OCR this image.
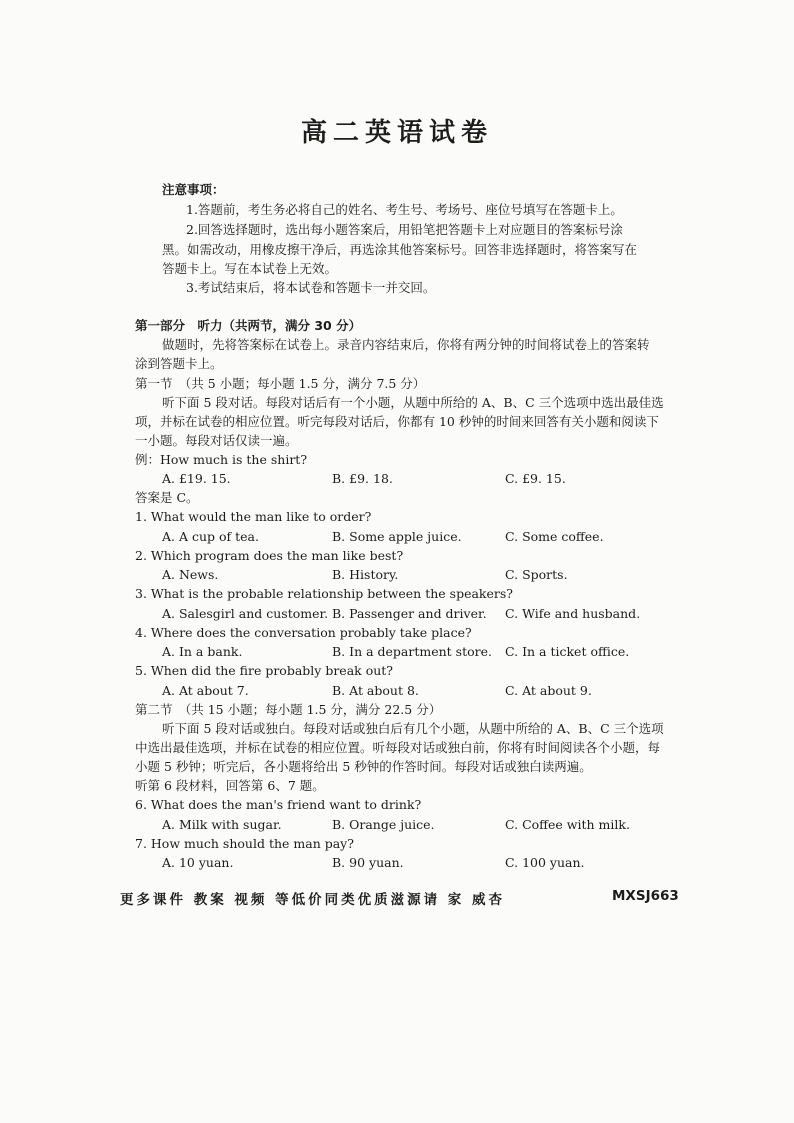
高二英语试卷
注意事项：
1.答题前，考生务必将自己的姓名、考生号、考场号、座位号填写在答题卡上。
2.回答选择题时，选出每小题答案后，用铅笔把答题卡上对应题目的答案标号涂
黑。如需改动，用橡皮擦干净后，再选涂其他答案标号。回答非选择题时，将答案写在
答题卡上。写在本试卷上无效。
3.考试结束后，将本试卷和答题卡一并交回。
第一部分　听力（共两节，满分 30 分）
做题时，先将答案标在试卷上。录音内容结束后，你将有两分钟的时间将试卷上的答案转
涂到答题卡上。
第一节　（共 5 小题；每小题 1.5 分，满分 7.5 分）
听下面 5 段对话。每段对话后有一个小题，从题中所给的 A、B、C 三个选项中选出最佳选
项，并标在试卷的相应位置。听完每段对话后，你都有 10 秒钟的时间来回答有关小题和阅读下
一小题。每段对话仅读一遍。
例：How much is the shirt?
A. £19. 15.	B. £9. 18.	C. £9. 15.
答案是 C。
1. What would the man like to order?
A. A cup of tea.	B. Some apple juice.	C. Some coffee.
2. Which program does the man like best?
A. News.	B. History.	C. Sports.
3. What is the probable relationship between the speakers?
A. Salesgirl and customer. B. Passenger and driver. C. Wife and husband.
4. Where does the conversation probably take place?
A. In a bank.	B. In a department store. C. In a ticket office.
5. When did the fire probably break out?
A. At about 7.	B. At about 8.	C. At about 9.
第二节　（共 15 小题；每小题 1.5 分，满分 22.5 分）
听下面 5 段对话或独白。每段对话或独白后有几个小题，从题中所给的 A、B、C 三个选项
中选出最佳选项，并标在试卷的相应位置。听每段对话或独白前，你将有时间阅读各个小题，每
小题 5 秒钟；听完后，各小题将给出 5 秒钟的作答时间。每段对话或独白读两遍。
听第 6 段材料，回答第 6、7 题。
6. What does the man's friend want to drink?
A. Milk with sugar.	B. Orange juice.	C. Coffee with milk.
7. How much should the man pay?
A. 10 yuan.	B. 90 yuan.	C. 100 yuan.
更多课件 教案 视频 等低价同类优质滋源请 家 威杏	MXSJ663
